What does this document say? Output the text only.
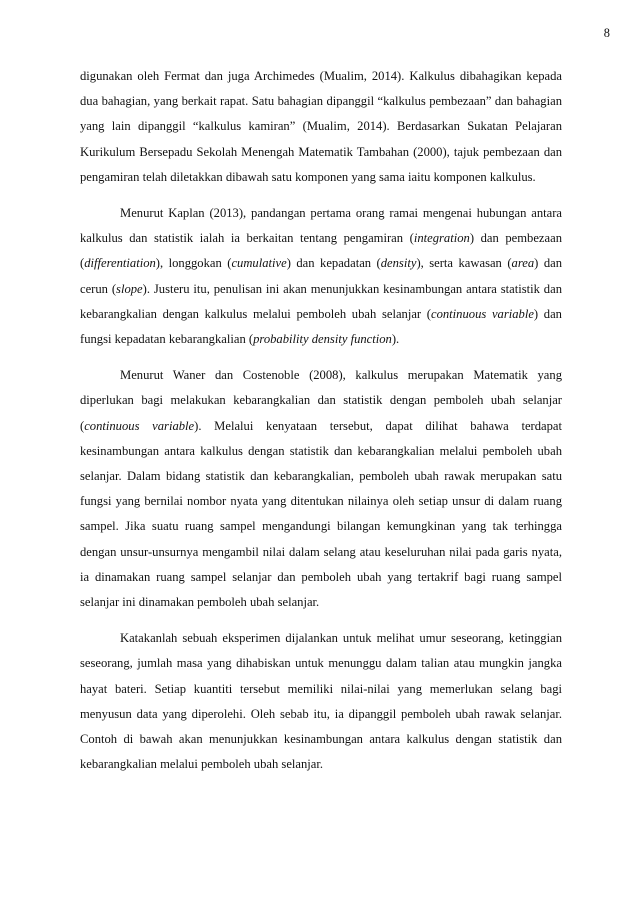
8

digunakan oleh Fermat dan juga Archimedes (Mualim, 2014). Kalkulus dibahagikan kepada dua bahagian, yang berkait rapat. Satu bahagian dipanggil “kalkulus pembezaan” dan bahagian yang lain dipanggil “kalkulus kamiran” (Mualim, 2014). Berdasarkan Sukatan Pelajaran Kurikulum Bersepadu Sekolah Menengah Matematik Tambahan (2000), tajuk pembezaan dan pengamiran telah diletakkan dibawah satu komponen yang sama iaitu komponen kalkulus.

Menurut Kaplan (2013), pandangan pertama orang ramai mengenai hubungan antara kalkulus dan statistik ialah ia berkaitan tentang pengamiran (integration) dan pembezaan (differentiation), longgokan (cumulative) dan kepadatan (density), serta kawasan (area) dan cerun (slope). Justeru itu, penulisan ini akan menunjukkan kesinambungan antara statistik dan kebarangkalian dengan kalkulus melalui pemboleh ubah selanjar (continuous variable) dan fungsi kepadatan kebarangkalian (probability density function).

Menurut Waner dan Costenoble (2008), kalkulus merupakan Matematik yang diperlukan bagi melakukan kebarangkalian dan statistik dengan pemboleh ubah selanjar (continuous variable). Melalui kenyataan tersebut, dapat dilihat bahawa terdapat kesinambungan antara kalkulus dengan statistik dan kebarangkalian melalui pemboleh ubah selanjar. Dalam bidang statistik dan kebarangkalian, pemboleh ubah rawak merupakan satu fungsi yang bernilai nombor nyata yang ditentukan nilainya oleh setiap unsur di dalam ruang sampel. Jika suatu ruang sampel mengandungi bilangan kemungkinan yang tak terhingga dengan unsur-unsurnya mengambil nilai dalam selang atau keseluruhan nilai pada garis nyata, ia dinamakan ruang sampel selanjar dan pemboleh ubah yang tertakrif bagi ruang sampel selanjar ini dinamakan pemboleh ubah selanjar.

Katakanlah sebuah eksperimen dijalankan untuk melihat umur seseorang, ketinggian seseorang, jumlah masa yang dihabiskan untuk menunggu dalam talian atau mungkin jangka hayat bateri. Setiap kuantiti tersebut memiliki nilai-nilai yang memerlukan selang bagi menyusun data yang diperolehi. Oleh sebab itu, ia dipanggil pemboleh ubah rawak selanjar. Contoh di bawah akan menunjukkan kesinambungan antara kalkulus dengan statistik dan kebarangkalian melalui pemboleh ubah selanjar.
